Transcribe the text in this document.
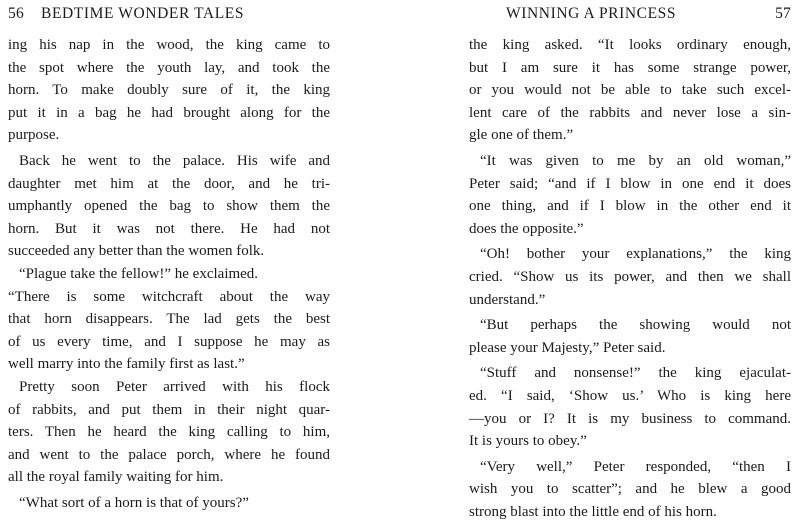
56 BEDTIME WONDER TALES
ing his nap in the wood, the king came to
the spot where the youth lay, and took the
horn. To make doubly sure of it, the king
put it in a bag he had brought along for the
purpose.
Back he went to the palace. His wife and
daughter met him at the door, and he tri-
umphantly opened the bag to show them the
horn. But it was not there. He had not
succeeded any better than the women folk.
“Plague take the fellow!” he exclaimed.
“There is some witchcraft about the way
that horn disappears. The lad gets the best
of us every time, and I suppose he may as
well marry into the family first as last.”
Pretty soon Peter arrived with his flock
of rabbits, and put them in their night quar-
ters. Then he heard the king calling to him,
and went to the palace porch, where he found
all the royal family waiting for him.
“What sort of a horn is that of yours?”
WINNING A PRINCESS	57
the king asked. “It looks ordinary enough,
but I am sure it has some strange power,
or you would not be able to take such excel-
lent care of the rabbits and never lose a sin-
gle one of them.”
“It was given to me by an old woman,”
Peter said; “and if I blow in one end it does
one thing, and if I blow in the other end it
does the opposite.”
“Oh! bother your explanations,” the king
cried. “Show us its power, and then we shall
understand.”
“But perhaps the showing would not
please your Majesty,” Peter said.
“Stuff and nonsense!” the king ejaculat-
ed. “I said, ‘Show us.’ Who is king here
—you or I? It is my business to command.
It is yours to obey.”
“Very well,” Peter responded, “then I
wish you to scatter”; and he blew a good
strong blast into the little end of his horn.
